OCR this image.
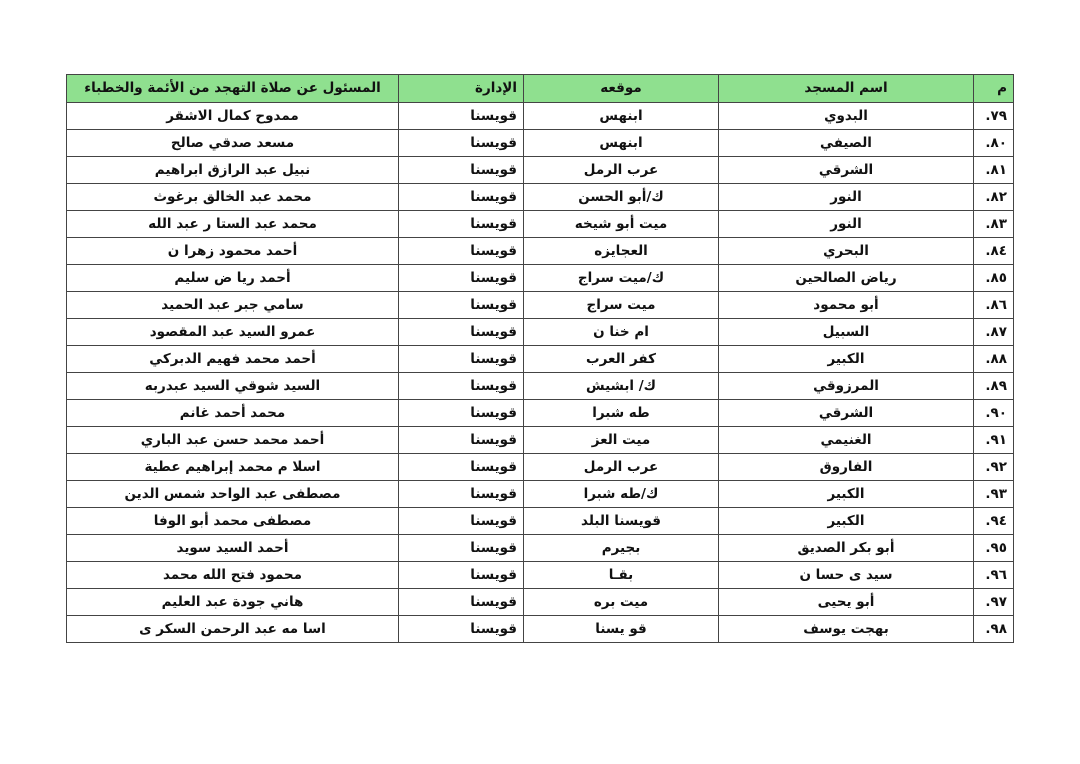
م	اسم المسجد	موقعه	الإدارة	المسئول عن صلاة التهجد من الأئمة والخطباء
٧٩.	البدوي	ابنهس	قويسنا	ممدوح كمال الاشقر
٨٠.	الصيفي	ابنهس	قويسنا	مسعد صدقي صالح
٨١.	الشرقي	عرب الرمل	قويسنا	نبيل عبد الرازق ابراهيم
٨٢.	النور	ك/أبو الحسن	قويسنا	محمد عبد الخالق برغوث
٨٣.	النور	ميت أبو شيخه	قويسنا	محمد عبد الستا ر عبد الله
٨٤.	البحري	العجايزه	قويسنا	أحمد محمود زهرا ن
٨٥.	رياض الصالحين	ك/ميت سراج	قويسنا	أحمد ريا ض سليم
٨٦.	أبو محمود	ميت سراج	قويسنا	سامي جبر عبد الحميد
٨٧.	السبيل	ام خنا ن	قويسنا	عمرو السيد عبد المقصود
٨٨.	الكبير	كفر العرب	قويسنا	أحمد محمد فهيم الدبركي
٨٩.	المرزوقي	ك/ ابشيش	قويسنا	السيد شوقي السيد عبدربه
٩٠.	الشرقي	طه شبرا	قويسنا	محمد أحمد غانم
٩١.	الغنيمي	ميت العز	قويسنا	أحمد محمد حسن عبد الباري
٩٢.	الفاروق	عرب الرمل	قويسنا	اسلا م محمد إبراهيم عطية
٩٣.	الكبير	ك/طه شبرا	قويسنا	مصطفى عبد الواحد شمس الدين
٩٤.	الكبير	قويسنا البلد	قويسنا	مصطفى محمد أبو الوفا
٩٥.	أبو بكر الصديق	بجيرم	قويسنا	أحمد السيد سويد
٩٦.	سيد ى حسا ن	بقـا	قويسنا	محمود فتح الله محمد
٩٧.	أبو يحيى	ميت بره	قويسنا	هاني جودة عبد العليم
٩٨.	بهجت يوسف	قو يسنا	قويسنا	اسا مه عبد الرحمن السكر ى
